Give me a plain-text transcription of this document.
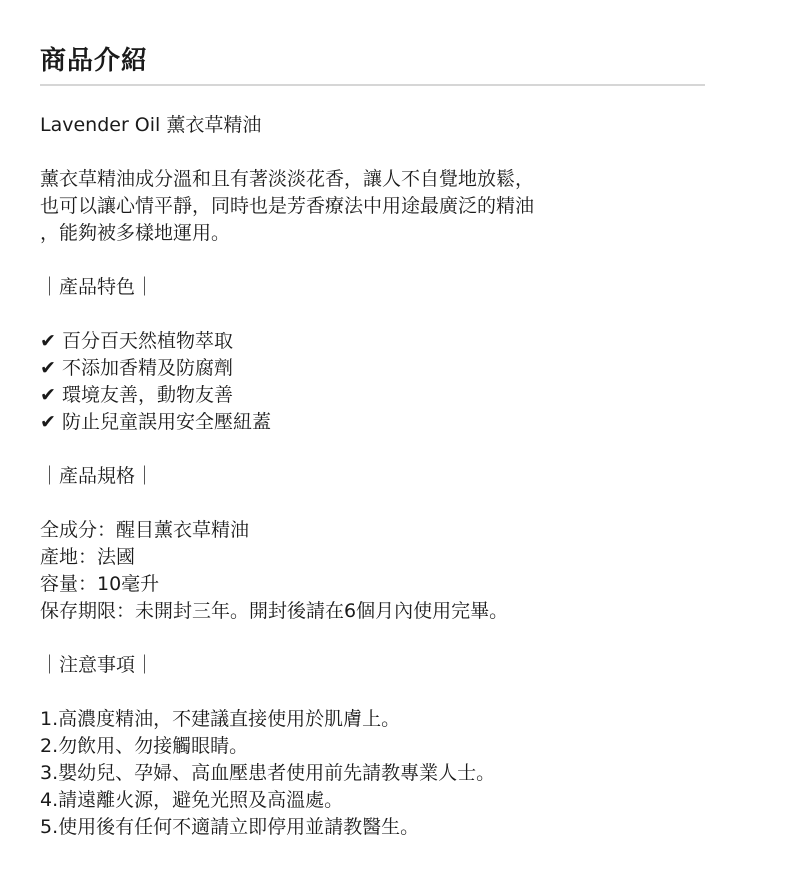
商品介紹

Lavender Oil 薰衣草精油

薰衣草精油成分溫和且有著淡淡花香，讓人不自覺地放鬆，

也可以讓心情平靜，同時也是芳香療法中用途最廣泛的精油

，能夠被多樣地運用。

｜產品特色｜

✔ 百分百天然植物萃取

✔ 不添加香精及防腐劑

✔ 環境友善，動物友善

✔ 防止兒童誤用安全壓紐蓋

｜產品規格｜

全成分：醒目薰衣草精油

產地：法國

容量：10毫升

保存期限：未開封三年。開封後請在6個月內使用完畢。

｜注意事項｜

1.高濃度精油，不建議直接使用於肌膚上。

2.勿飲用、勿接觸眼睛。

3.嬰幼兒、孕婦、高血壓患者使用前先請教專業人士。

4.請遠離火源，避免光照及高溫處。

5.使用後有任何不適請立即停用並請教醫生。
